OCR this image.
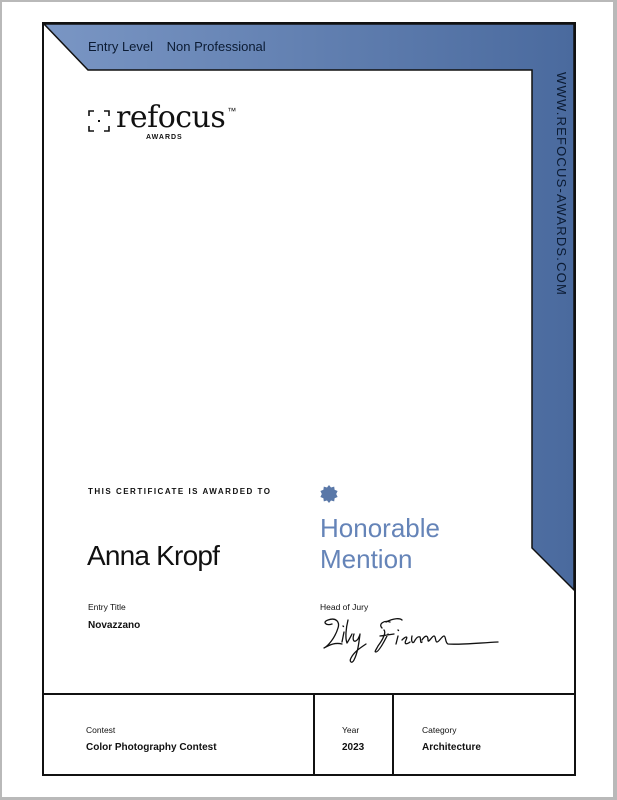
Entry Level Non Professional
WWW.REFOCUS-AWARDS.COM
refocus ™
AWARDS
THIS CERTIFICATE IS AWARDED TO
Anna Kropf
Entry Title
Novazzano
Honorable
Mention
Head of Jury
Contest
Color Photography Contest
Year
2023
Category
Architecture
